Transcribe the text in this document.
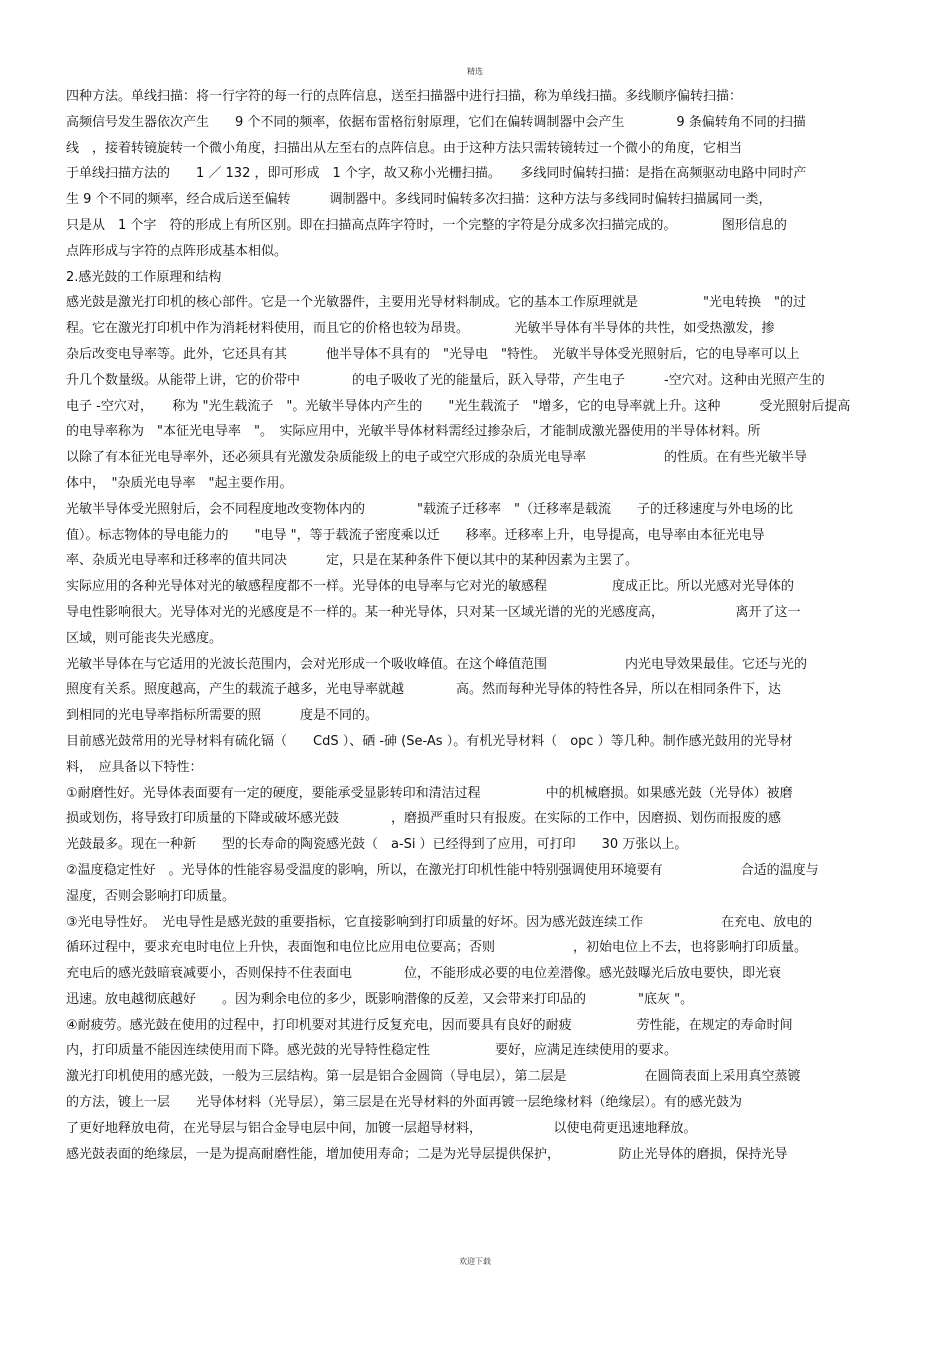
精选
四种方法。单线扫描：将一行字符的每一行的点阵信息，送至扫描器中进行扫描，称为单线扫描。多线顺序偏转扫描：
高频信号发生器依次产生　　9 个不同的频率，依据布雷格衍射原理，它们在偏转调制器中会产生　　　　9 条偏转角不同的扫描
线　，接着转镜旋转一个微小角度，扫描出从左至右的点阵信息。由于这种方法只需转镜转过一个微小的角度，它相当
于单线扫描方法的　　1 ／ 132 ，即可形成　1 个字，故又称小光栅扫描。　　多线同时偏转扫描：是指在高频驱动电路中同时产
生 9 个不同的频率，经合成后送至偏转　　　调制器中。多线同时偏转多次扫描：这种方法与多线同时偏转扫描属同一类，
只是从　1 个字　符的形成上有所区别。即在扫描高点阵字符时，一个完整的字符是分成多次扫描完成的。　　　　图形信息的
点阵形成与字符的点阵形成基本相似。
2.感光鼓的工作原理和结构
感光鼓是激光打印机的核心部件。它是一个光敏器件，主要用光导材料制成。它的基本工作原理就是　　　　　"光电转换　"的过
程。它在激光打印机中作为消耗材料使用，而且它的价格也较为昂贵。　　　　光敏半导体有半导体的共性，如受热激发，掺
杂后改变电导率等。此外，它还具有其　　　他半导体不具有的　"光导电　"特性。　光敏半导体受光照射后，它的电导率可以上
升几个数量级。从能带上讲，它的价带中　　　　的电子吸收了光的能量后，跃入导带，产生电子　　　-空穴对。这种由光照产生的
电子 -空穴对，　　称为 "光生载流子　"。光敏半导体内产生的　　"光生载流子　"增多，它的电导率就上升。这种　　　受光照射后提高
的电导率称为　"本征光电导率　"。　实际应用中，光敏半导体材料需经过掺杂后，才能制成激光器使用的半导体材料。所
以除了有本征光电导率外，还必须具有光激发杂质能级上的电子或空穴形成的杂质光电导率　　　　　　的性质。在有些光敏半导
体中，　"杂质光电导率　"起主要作用。
光敏半导体受光照射后，会不同程度地改变物体内的　　　　"载流子迁移率　"（迁移率是载流　　子的迁移速度与外电场的比
值）。标志物体的导电能力的　　"电导 "，等于载流子密度乘以迁　　移率。迁移率上升，电导提高，电导率由本征光电导
率、杂质光电导率和迁移率的值共同决　　　定，只是在某种条件下便以其中的某种因素为主罢了。
实际应用的各种光导体对光的敏感程度都不一样。光导体的电导率与它对光的敏感程　　　　　度成正比。所以光感对光导体的
导电性影响很大。光导体对光的光感度是不一样的。某一种光导体，只对某一区域光谱的光的光感度高，　　　　　　离开了这一
区域，则可能丧失光感度。
光敏半导体在与它适用的光波长范围内，会对光形成一个吸收峰值。在这个峰值范围　　　　　　内光电导效果最佳。它还与光的
照度有关系。照度越高，产生的载流子越多，光电导率就越　　　　高。然而每种光导体的特性各异，所以在相同条件下，达
到相同的光电导率指标所需要的照　　　度是不同的。
目前感光鼓常用的光导材料有硫化镉（　　CdS ）、硒 -砷 (Se-As ）。有机光导材料（　opc ）等几种。制作感光鼓用的光导材
料，　应具备以下特性：
①耐磨性好。光导体表面要有一定的硬度，要能承受显影转印和清洁过程　　　　　中的机械磨损。如果感光鼓（光导体）被磨
损或划伤，将导致打印质量的下降或破坏感光鼓　　　　，磨损严重时只有报废。在实际的工作中，因磨损、划伤而报废的感
光鼓最多。现在一种新　　型的长寿命的陶瓷感光鼓（　a-Si ）已经得到了应用，可打印　　30 万张以上。
②温度稳定性好　。光导体的性能容易受温度的影响，所以，在激光打印机性能中特别强调使用环境要有　　　　　　合适的温度与
湿度，否则会影响打印质量。
③光电导性好。　光电导性是感光鼓的重要指标，它直接影响到打印质量的好坏。因为感光鼓连续工作　　　　　　在充电、放电的
循环过程中，要求充电时电位上升快，表面饱和电位比应用电位要高；否则　　　　　　，初始电位上不去，也将影响打印质量。
充电后的感光鼓暗衰减要小，否则保持不住表面电　　　　位，不能形成必要的电位差潜像。感光鼓曝光后放电要快，即光衰
迅速。放电越彻底越好　　。因为剩余电位的多少，既影响潜像的反差，又会带来打印品的　　　　"底灰 "。
④耐疲劳。感光鼓在使用的过程中，打印机要对其进行反复充电，因而要具有良好的耐疲　　　　　劳性能，在规定的寿命时间
内，打印质量不能因连续使用而下降。感光鼓的光导特性稳定性　　　　　要好，应满足连续使用的要求。
激光打印机使用的感光鼓，一般为三层结构。第一层是铝合金圆筒（导电层），第二层是　　　　　　在圆筒表面上采用真空蒸镀
的方法，镀上一层　　光导体材料（光导层），第三层是在光导材料的外面再镀一层绝缘材料（绝缘层）。有的感光鼓为
了更好地释放电荷，在光导层与铝合金导电层中间，加镀一层超导材料，　　　　　　以使电荷更迅速地释放。
感光鼓表面的绝缘层，一是为提高耐磨性能，增加使用寿命；二是为光导层提供保护，　　　　　防止光导体的磨损，保持光导
欢迎下载
